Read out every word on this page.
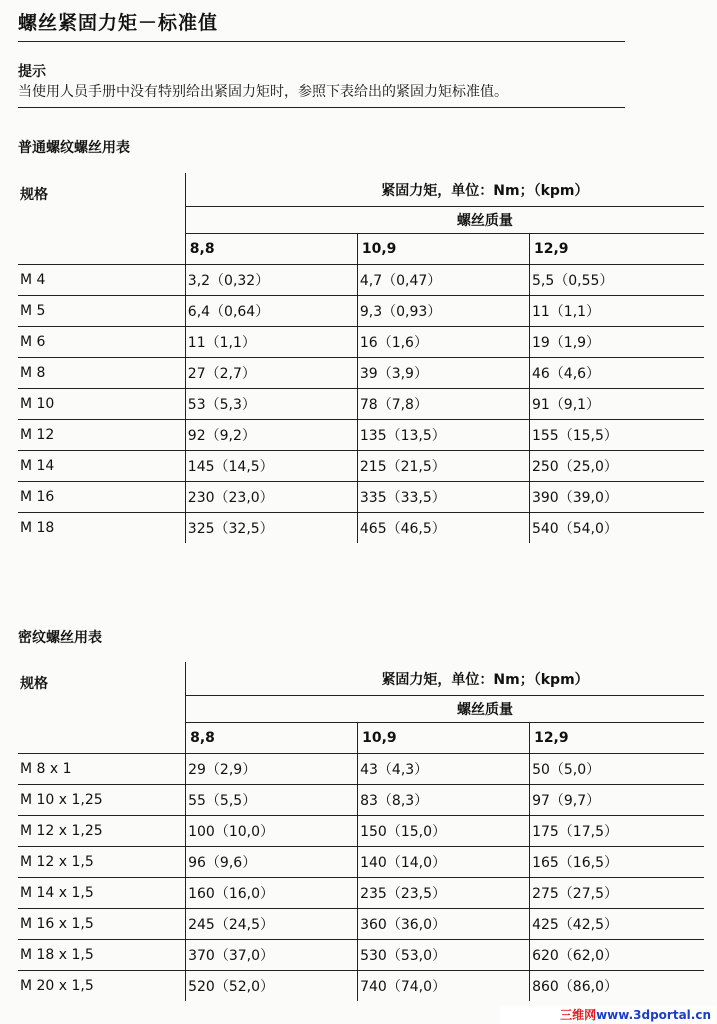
螺丝紧固力矩－标准值
提示
当使用人员手册中没有特别给出紧固力矩时，参照下表给出的紧固力矩标准值。
普通螺纹螺丝用表
规格	紧固力矩，单位：Nm；（kpm）		
	螺丝质量		
	8,8	10,9	12,9
M 4	3,2（0,32）	4,7（0,47）	5,5（0,55）
M 5	6,4（0,64）	9,3（0,93）	11（1,1）
M 6	11（1,1）	16（1,6）	19（1,9）
M 8	27（2,7）	39（3,9）	46（4,6）
M 10	53（5,3）	78（7,8）	91（9,1）
M 12	92（9,2）	135（13,5）	155（15,5）
M 14	145（14,5）	215（21,5）	250（25,0）
M 16	230（23,0）	335（33,5）	390（39,0）
M 18	325（32,5）	465（46,5）	540（54,0）
密纹螺丝用表
规格	紧固力矩，单位：Nm；（kpm）		
	螺丝质量		
	8,8	10,9	12,9
M 8 x 1	29（2,9）	43（4,3）	50（5,0）
M 10 x 1,25	55（5,5）	83（8,3）	97（9,7）
M 12 x 1,25	100（10,0）	150（15,0）	175（17,5）
M 12 x 1,5	96（9,6）	140（14,0）	165（16,5）
M 14 x 1,5	160（16,0）	235（23,5）	275（27,5）
M 16 x 1,5	245（24,5）	360（36,0）	425（42,5）
M 18 x 1,5	370（37,0）	530（53,0）	620（62,0）
M 20 x 1,5	520（52,0）	740（74,0）	860（86,0）
三维网www.3dportal.cn
